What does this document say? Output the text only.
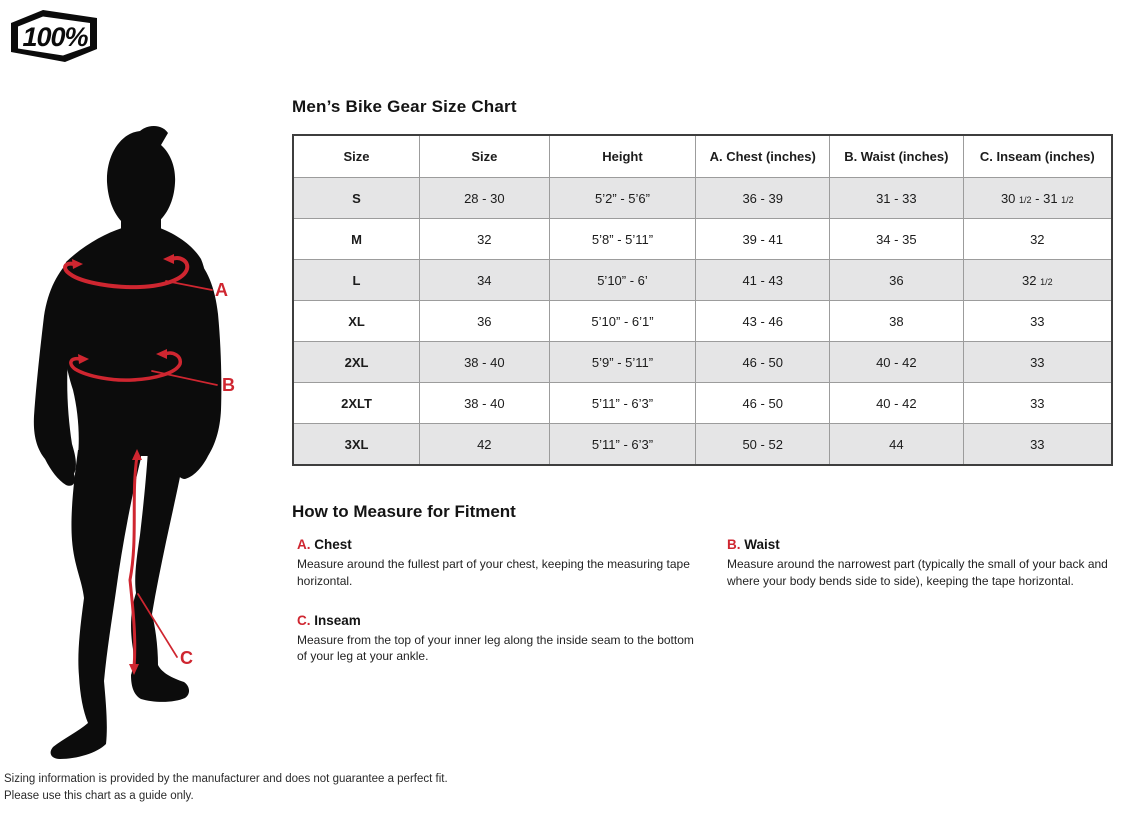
100%
A
B
C
Men’s Bike Gear Size Chart
Size	Size	Height	A. Chest (inches)	B. Waist (inches)	C. Inseam (inches)
S	28 - 30	5’2” - 5’6”	36 - 39	31 - 33	30 1/2 - 31 1/2
M	32	5’8” - 5’11”	39 - 41	34 - 35	32
L	34	5’10” - 6’	41 - 43	36	32 1/2
XL	36	5’10” - 6’1”	43 - 46	38	33
2XL	38 - 40	5’9” - 5’11”	46 - 50	40 - 42	33
2XLT	38 - 40	5’11” - 6’3”	46 - 50	40 - 42	33
3XL	42	5’11” - 6’3”	50 - 52	44	33
How to Measure for Fitment
A. Chest
Measure around the fullest part of your chest, keeping the measuring tape horizontal.
B. Waist
Measure around the narrowest part (typically the small of your back and where your body bends side to side), keeping the tape horizontal.
C. Inseam
Measure from the top of your inner leg along the inside seam to the bottom of your leg at your ankle.
Sizing information is provided by the manufacturer and does not guarantee a perfect fit.
Please use this chart as a guide only.
